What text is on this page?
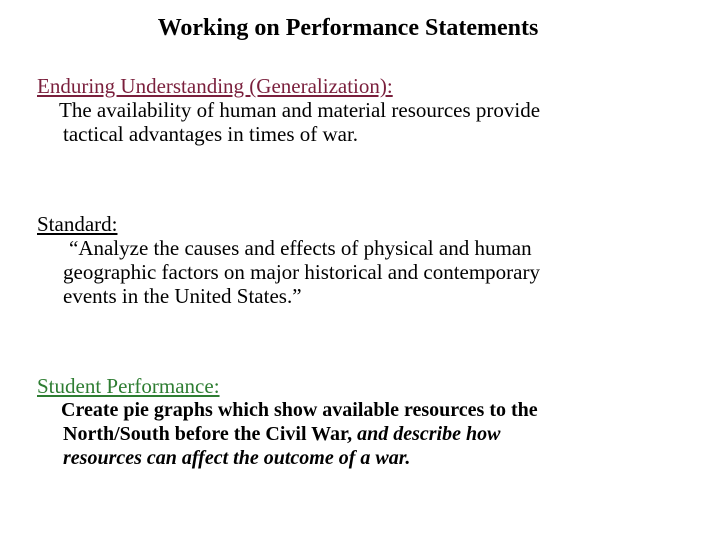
Working on Performance Statements
Enduring Understanding (Generalization):
The availability of human and material resources provide
tactical advantages in times of war.
Standard:
“Analyze the causes and effects of physical and human
geographic factors on major historical and contemporary
events in the United States.”
Student Performance:
Create pie graphs which show available resources to the
North/South before the Civil War, and describe how
resources can affect the outcome of a war.
